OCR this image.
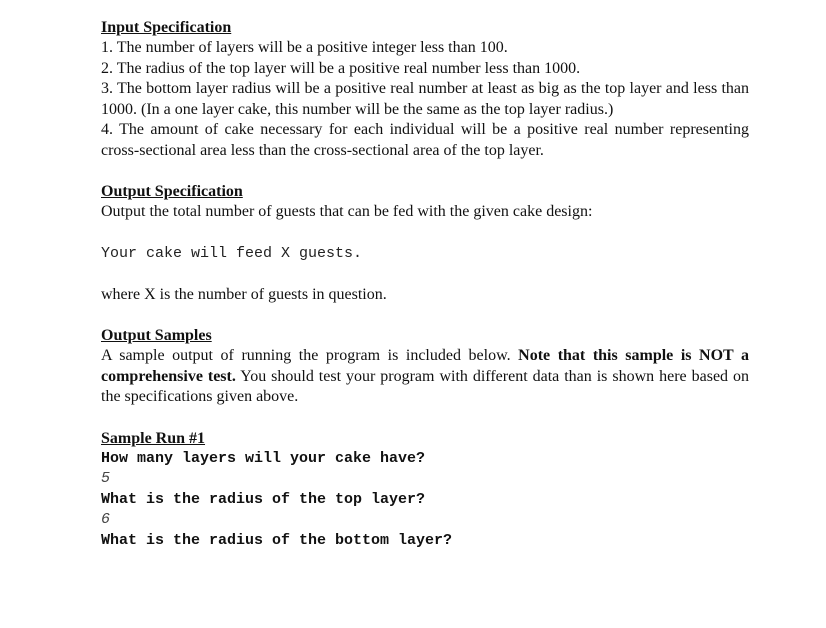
Input Specification

1. The number of layers will be a positive integer less than 100.

2. The radius of the top layer will be a positive real number less than 1000.

3. The bottom layer radius will be a positive real number at least as big as the top layer and less than 1000. (In a one layer cake, this number will be the same as the top layer radius.)

4. The amount of cake necessary for each individual will be a positive real number representing cross-sectional area less than the cross-sectional area of the top layer.

Output Specification

Output the total number of guests that can be fed with the given cake design:

Your cake will feed X guests.

where X is the number of guests in question.

Output Samples

A sample output of running the program is included below. Note that this sample is NOT a comprehensive test. You should test your program with different data than is shown here based on the specifications given above.

Sample Run #1

How many layers will your cake have?

5

What is the radius of the top layer?

6

What is the radius of the bottom layer?
